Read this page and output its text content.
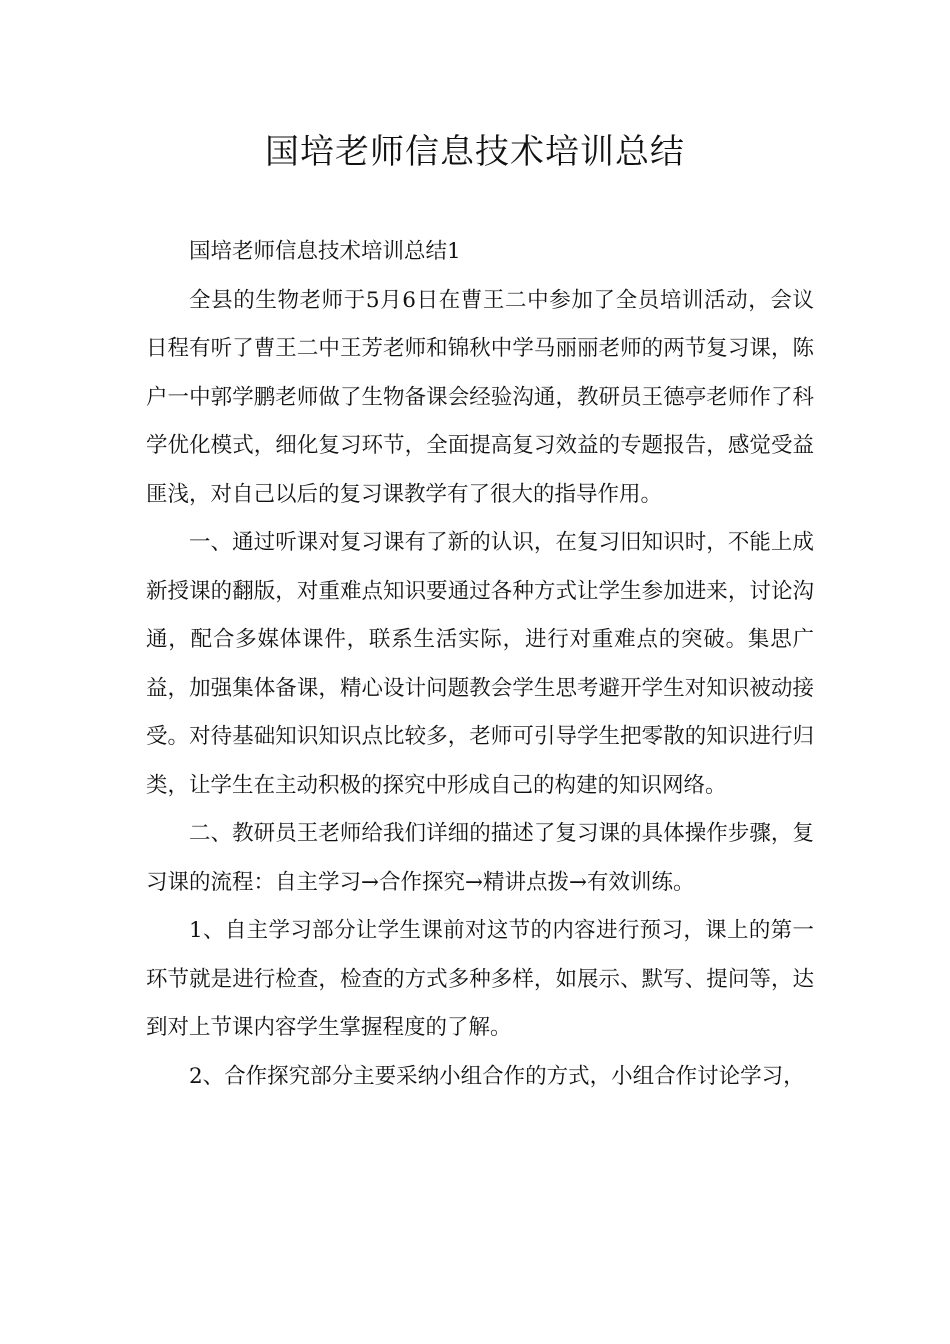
国培老师信息技术培训总结

国培老师信息技术培训总结1

全县的生物老师于5月6日在曹王二中参加了全员培训活动，会议日程有听了曹王二中王芳老师和锦秋中学马丽丽老师的两节复习课，陈户一中郭学鹏老师做了生物备课会经验沟通，教研员王德亭老师作了科学优化模式，细化复习环节，全面提高复习效益的专题报告，感觉受益匪浅，对自己以后的复习课教学有了很大的指导作用。

一、通过听课对复习课有了新的认识，在复习旧知识时，不能上成新授课的翻版，对重难点知识要通过各种方式让学生参加进来，讨论沟通，配合多媒体课件，联系生活实际，进行对重难点的突破。集思广益，加强集体备课，精心设计问题教会学生思考避开学生对知识被动接受。对待基础知识知识点比较多，老师可引导学生把零散的知识进行归类，让学生在主动积极的探究中形成自己的构建的知识网络。

二、教研员王老师给我们详细的描述了复习课的具体操作步骤，复习课的流程：自主学习→合作探究→精讲点拨→有效训练。

1、自主学习部分让学生课前对这节的内容进行预习，课上的第一环节就是进行检查，检查的方式多种多样，如展示、默写、提问等，达到对上节课内容学生掌握程度的了解。

2、合作探究部分主要采纳小组合作的方式，小组合作讨论学习，
